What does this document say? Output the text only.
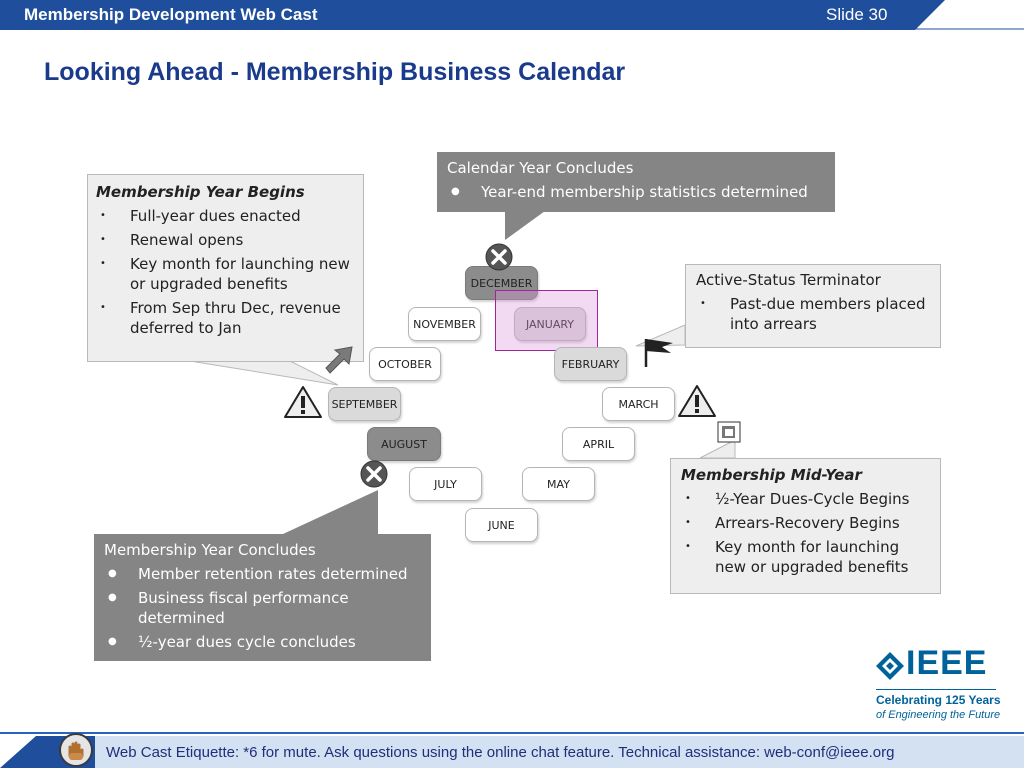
Membership Development Web Cast	Slide 30
Looking Ahead - Membership Business Calendar
Membership Year Begins
• Full-year dues enacted
• Renewal opens
• Key month for launching new or upgraded benefits
• From Sep thru Dec, revenue deferred to Jan
Calendar Year Concludes
● Year-end membership statistics determined
Active-Status Terminator
• Past-due members placed into arrears
Membership Mid-Year
• ½-Year Dues-Cycle Begins
• Arrears-Recovery Begins
• Key month for launching new or upgraded benefits
Membership Year Concludes
● Member retention rates determined
● Business fiscal performance determined
● ½-year dues cycle concludes
DECEMBER
NOVEMBER	JANUARY
OCTOBER	FEBRUARY
SEPTEMBER	MARCH
AUGUST	APRIL
JULY	MAY
JUNE
IEEE
Celebrating 125 Years
of Engineering the Future
Web Cast Etiquette: *6 for mute. Ask questions using the online chat feature. Technical assistance: web-conf@ieee.org
